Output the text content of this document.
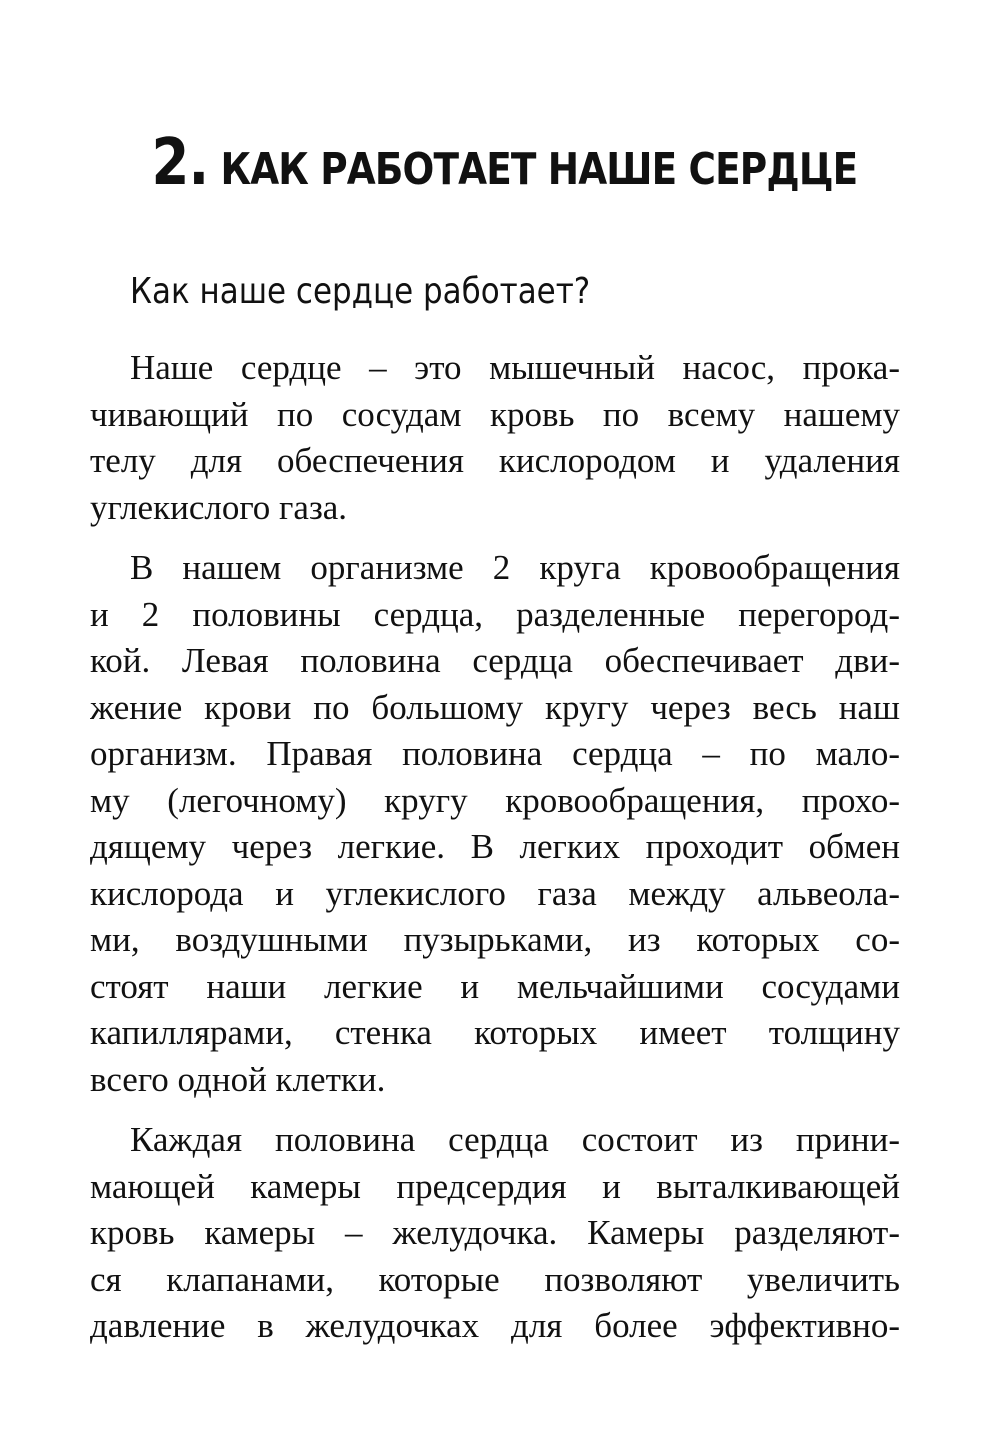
2. КАК РАБОТАЕТ НАШЕ СЕРДЦЕ
Как наше сердце работает?

Наше сердце – это мышечный насос, прока-
чивающий по сосудам кровь по всему нашему
телу для обеспечения кислородом и удаления
углекислого газа.

В нашем организме 2 круга кровообращения
и 2 половины сердца, разделенные перегород-
кой. Левая половина сердца обеспечивает дви-
жение крови по большому кругу через весь наш
организм. Правая половина сердца – по мало-
му (легочному) кругу кровообращения, прохо-
дящему через легкие. В легких проходит обмен
кислорода и углекислого газа между альвеола-
ми, воздушными пузырьками, из которых со-
стоят наши легкие и мельчайшими сосудами
капиллярами, стенка которых имеет толщину
всего одной клетки.

Каждая половина сердца состоит из прини-
мающей камеры предсердия и выталкивающей
кровь камеры – желудочка. Камеры разделяют-
ся клапанами, которые позволяют увеличить
давление в желудочках для более эффективно-
